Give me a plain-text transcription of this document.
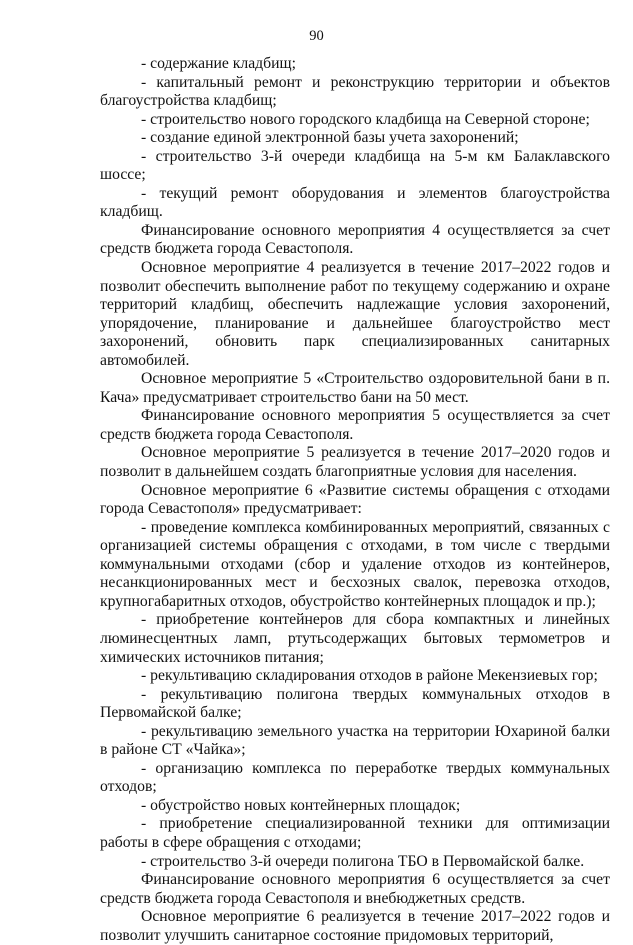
90

- содержание кладбищ;

- капитальный ремонт и реконструкцию территории и объектов благоустройства кладбищ;

- строительство нового городского кладбища на Северной стороне;

- создание единой электронной базы учета захоронений;

- строительство 3-й очереди кладбища на 5-м км Балаклавского шоссе;

- текущий ремонт оборудования и элементов благоустройства кладбищ.

Финансирование основного мероприятия 4 осуществляется за счет средств бюджета города Севастополя.

Основное мероприятие 4 реализуется в течение 2017–2022 годов и позволит обеспечить выполнение работ по текущему содержанию и охране территорий кладбищ, обеспечить надлежащие условия захоронений, упорядочение, планирование и дальнейшее благоустройство мест захоронений, обновить парк специализированных санитарных автомобилей.

Основное мероприятие 5 «Строительство оздоровительной бани в п. Кача» предусматривает строительство бани на 50 мест.

Финансирование основного мероприятия 5 осуществляется за счет средств бюджета города Севастополя.

Основное мероприятие 5 реализуется в течение 2017–2020 годов и позволит в дальнейшем создать благоприятные условия для населения.

Основное мероприятие 6 «Развитие системы обращения с отходами города Севастополя» предусматривает:

- проведение комплекса комбинированных мероприятий, связанных с организацией системы обращения с отходами, в том числе с твердыми коммунальными отходами (сбор и удаление отходов из контейнеров, несанкционированных мест и бесхозных свалок, перевозка отходов, крупногабаритных отходов, обустройство контейнерных площадок и пр.);

- приобретение контейнеров для сбора компактных и линейных люминесцентных ламп, ртутьсодержащих бытовых термометров и химических источников питания;

- рекультивацию складирования отходов в районе Мекензиевых гор;

- рекультивацию полигона твердых коммунальных отходов в Первомайской балке;

- рекультивацию земельного участка на территории Юхариной балки в районе СТ «Чайка»;

- организацию комплекса по переработке твердых коммунальных отходов;

- обустройство новых контейнерных площадок;

- приобретение специализированной техники для оптимизации работы в сфере обращения с отходами;

- строительство 3-й очереди полигона ТБО в Первомайской балке.

Финансирование основного мероприятия 6 осуществляется за счет средств бюджета города Севастополя и внебюджетных средств.

Основное мероприятие 6 реализуется в течение 2017–2022 годов и позволит улучшить санитарное состояние придомовых территорий,
